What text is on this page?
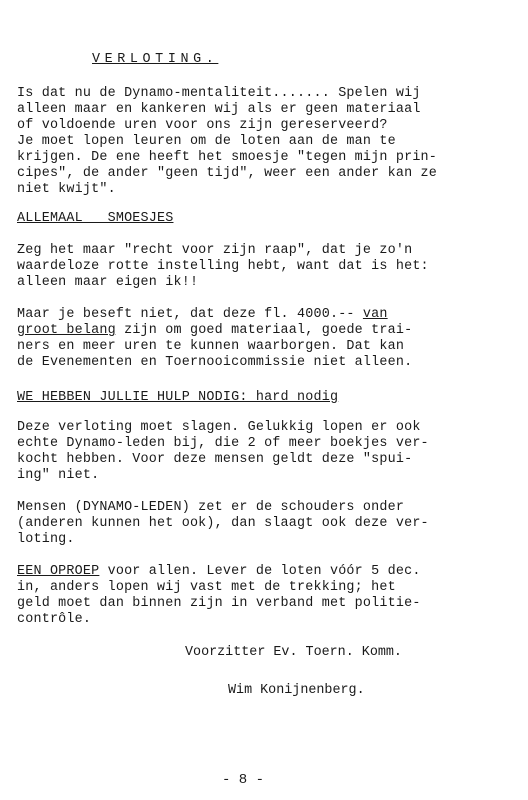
VERLOTING.
Is dat nu de Dynamo-mentaliteit....... Spelen wij
alleen maar en kankeren wij als er geen materiaal
of voldoende uren voor ons zijn gereserveerd?
Je moet lopen leuren om de loten aan de man te
krijgen. De ene heeft het smoesje "tegen mijn prin-
cipes", de ander "geen tijd", weer een ander kan ze
niet kwijt".
ALLEMAAL   SMOESJES
Zeg het maar "recht voor zijn raap", dat je zo'n
waardeloze rotte instelling hebt, want dat is het:
alleen maar eigen ik!!
Maar je beseft niet, dat deze fl. 4000.-- van
groot belang zijn om goed materiaal, goede trai-
ners en meer uren te kunnen waarborgen. Dat kan
de Evenementen en Toernooicommissie niet alleen.
WE HEBBEN JULLIE HULP NODIG: hard nodig
Deze verloting moet slagen. Gelukkig lopen er ook
echte Dynamo-leden bij, die 2 of meer boekjes ver-
kocht hebben. Voor deze mensen geldt deze "spui-
ing" niet.
Mensen (DYNAMO-LEDEN) zet er de schouders onder
(anderen kunnen het ook), dan slaagt ook deze ver-
loting.
EEN OPROEP voor allen. Lever de loten vóór 5 dec.
in, anders lopen wij vast met de trekking; het
geld moet dan binnen zijn in verband met politie-
contrôle.
Voorzitter Ev. Toern. Komm.
Wim Konijnenberg.
- 8 -
